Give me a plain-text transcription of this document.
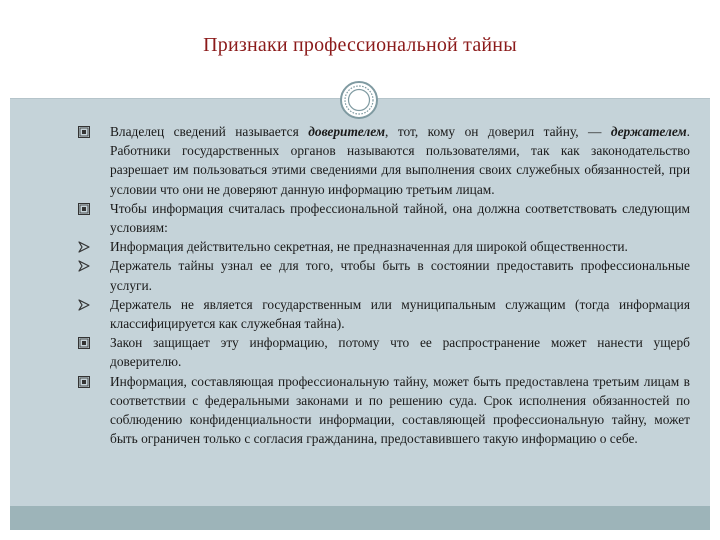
Признаки профессиональной тайны

Владелец сведений называется доверителем, тот, кому он доверил тайну, — держателем. Работники государственных органов называются пользователями, так как законодательство разрешает им пользоваться этими сведениями для выполнения своих служебных обязанностей, при условии что они не доверяют данную информацию третьим лицам.

Чтобы информация считалась профессиональной тайной, она должна соответствовать следующим условиям:

Информация действительно секретная, не предназначенная для широкой общественности.

Держатель тайны узнал ее для того, чтобы быть в состоянии предоставить профессиональные услуги.

Держатель не является государственным или муниципальным служащим (тогда информация классифицируется как служебная тайна).

Закон защищает эту информацию, потому что ее распространение может нанести ущерб доверителю.

Информация, составляющая профессиональную тайну, может быть предоставлена третьим лицам в соответствии с федеральными законами и по решению суда. Срок исполнения обязанностей по соблюдению конфиденциальности информации, составляющей профессиональную тайну, может быть ограничен только с согласия гражданина, предоставившего такую информацию о себе.
